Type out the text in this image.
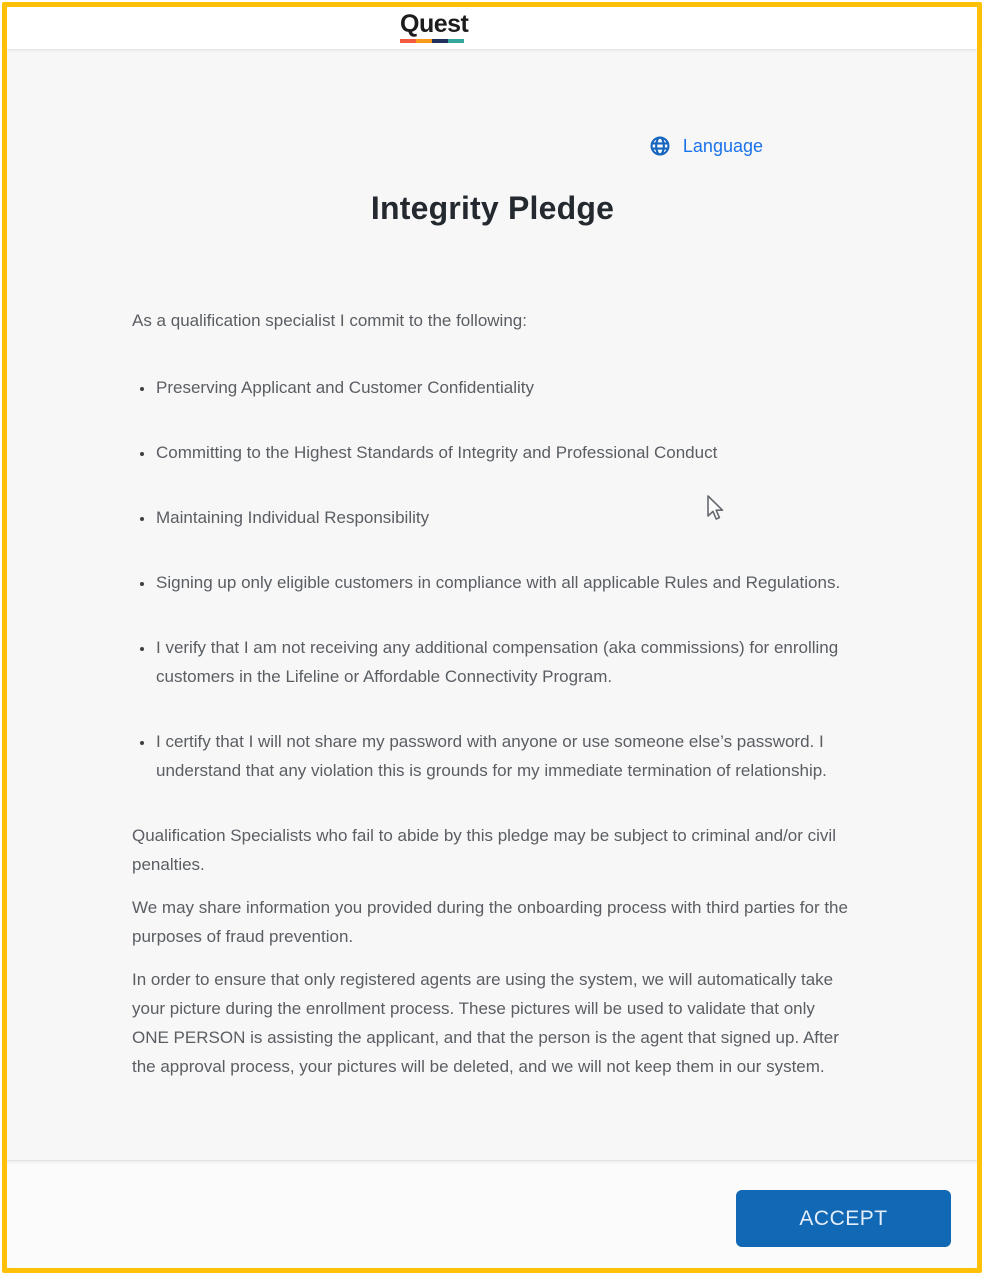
Quest
Language
Integrity Pledge

As a qualification specialist I commit to the following:

• Preserving Applicant and Customer Confidentiality
• Committing to the Highest Standards of Integrity and Professional Conduct
• Maintaining Individual Responsibility
• Signing up only eligible customers in compliance with all applicable Rules and Regulations.
• I verify that I am not receiving any additional compensation (aka commissions) for enrolling customers in the Lifeline or Affordable Connectivity Program.
• I certify that I will not share my password with anyone or use someone else’s password. I understand that any violation this is grounds for my immediate termination of relationship.

Qualification Specialists who fail to abide by this pledge may be subject to criminal and/or civil penalties.

We may share information you provided during the onboarding process with third parties for the purposes of fraud prevention.

In order to ensure that only registered agents are using the system, we will automatically take your picture during the enrollment process. These pictures will be used to validate that only ONE PERSON is assisting the applicant, and that the person is the agent that signed up. After the approval process, your pictures will be deleted, and we will not keep them in our system.

ACCEPT
